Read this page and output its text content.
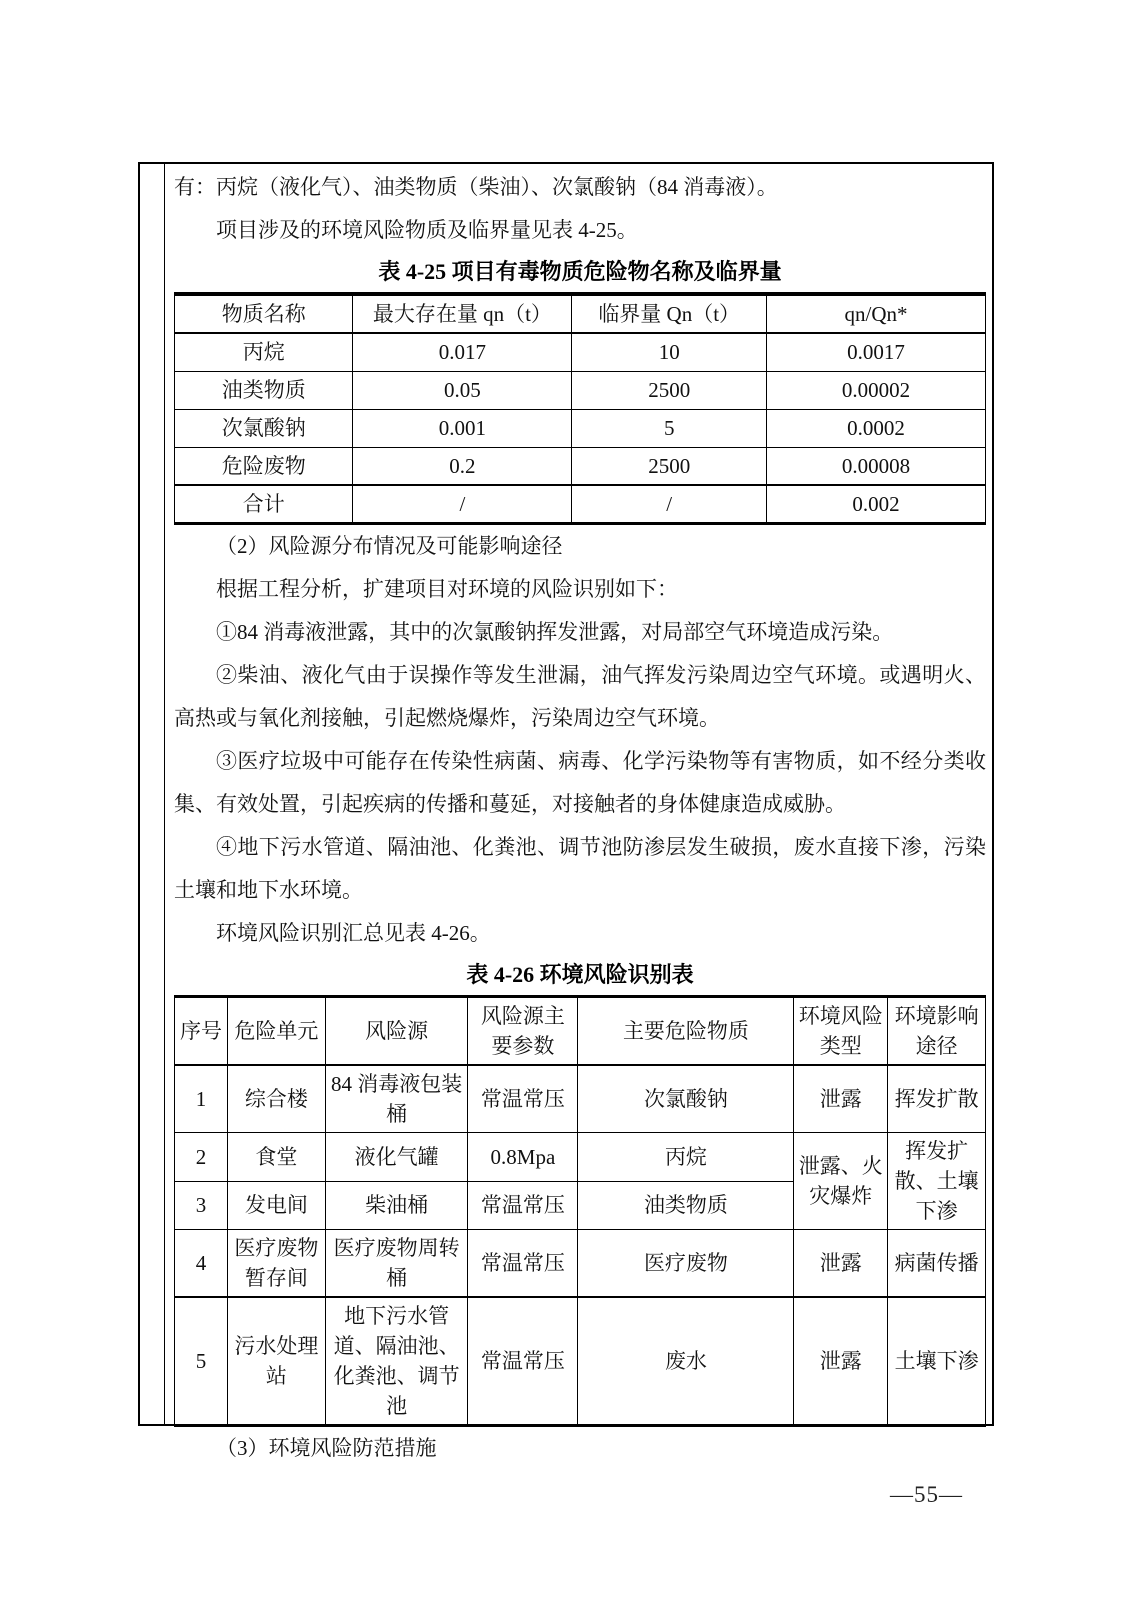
有：丙烷（液化气）、油类物质（柴油）、次氯酸钠（84 消毒液）。

项目涉及的环境风险物质及临界量见表 4-25。

表 4-25 项目有毒物质危险物名称及临界量
物质名称	最大存在量 qn（t）	临界量 Qn（t）	qn/Qn*
丙烷	0.017	10	0.0017
油类物质	0.05	2500	0.00002
次氯酸钠	0.001	5	0.0002
危险废物	0.2	2500	0.00008
合计	/	/	0.002

（2）风险源分布情况及可能影响途径

根据工程分析，扩建项目对环境的风险识别如下：

①84 消毒液泄露，其中的次氯酸钠挥发泄露，对局部空气环境造成污染。

②柴油、液化气由于误操作等发生泄漏，油气挥发污染周边空气环境。或遇明火、高热或与氧化剂接触，引起燃烧爆炸，污染周边空气环境。

③医疗垃圾中可能存在传染性病菌、病毒、化学污染物等有害物质，如不经分类收集、有效处置，引起疾病的传播和蔓延，对接触者的身体健康造成威胁。

④地下污水管道、隔油池、化粪池、调节池防渗层发生破损，废水直接下渗，污染土壤和地下水环境。

环境风险识别汇总见表 4-26。

表 4-26 环境风险识别表
序号	危险单元	风险源	风险源主要参数	主要危险物质	环境风险类型	环境影响途径
1	综合楼	84 消毒液包装桶	常温常压	次氯酸钠	泄露	挥发扩散
2	食堂	液化气罐	0.8Mpa	丙烷	泄露、火灾爆炸	挥发扩散、土壤下渗
3	发电间	柴油桶	常温常压	油类物质		
4	医疗废物暂存间	医疗废物周转桶	常温常压	医疗废物	泄露	病菌传播
5	污水处理站	地下污水管道、隔油池、化粪池、调节池	常温常压	废水	泄露	土壤下渗

（3）环境风险防范措施

—55—
